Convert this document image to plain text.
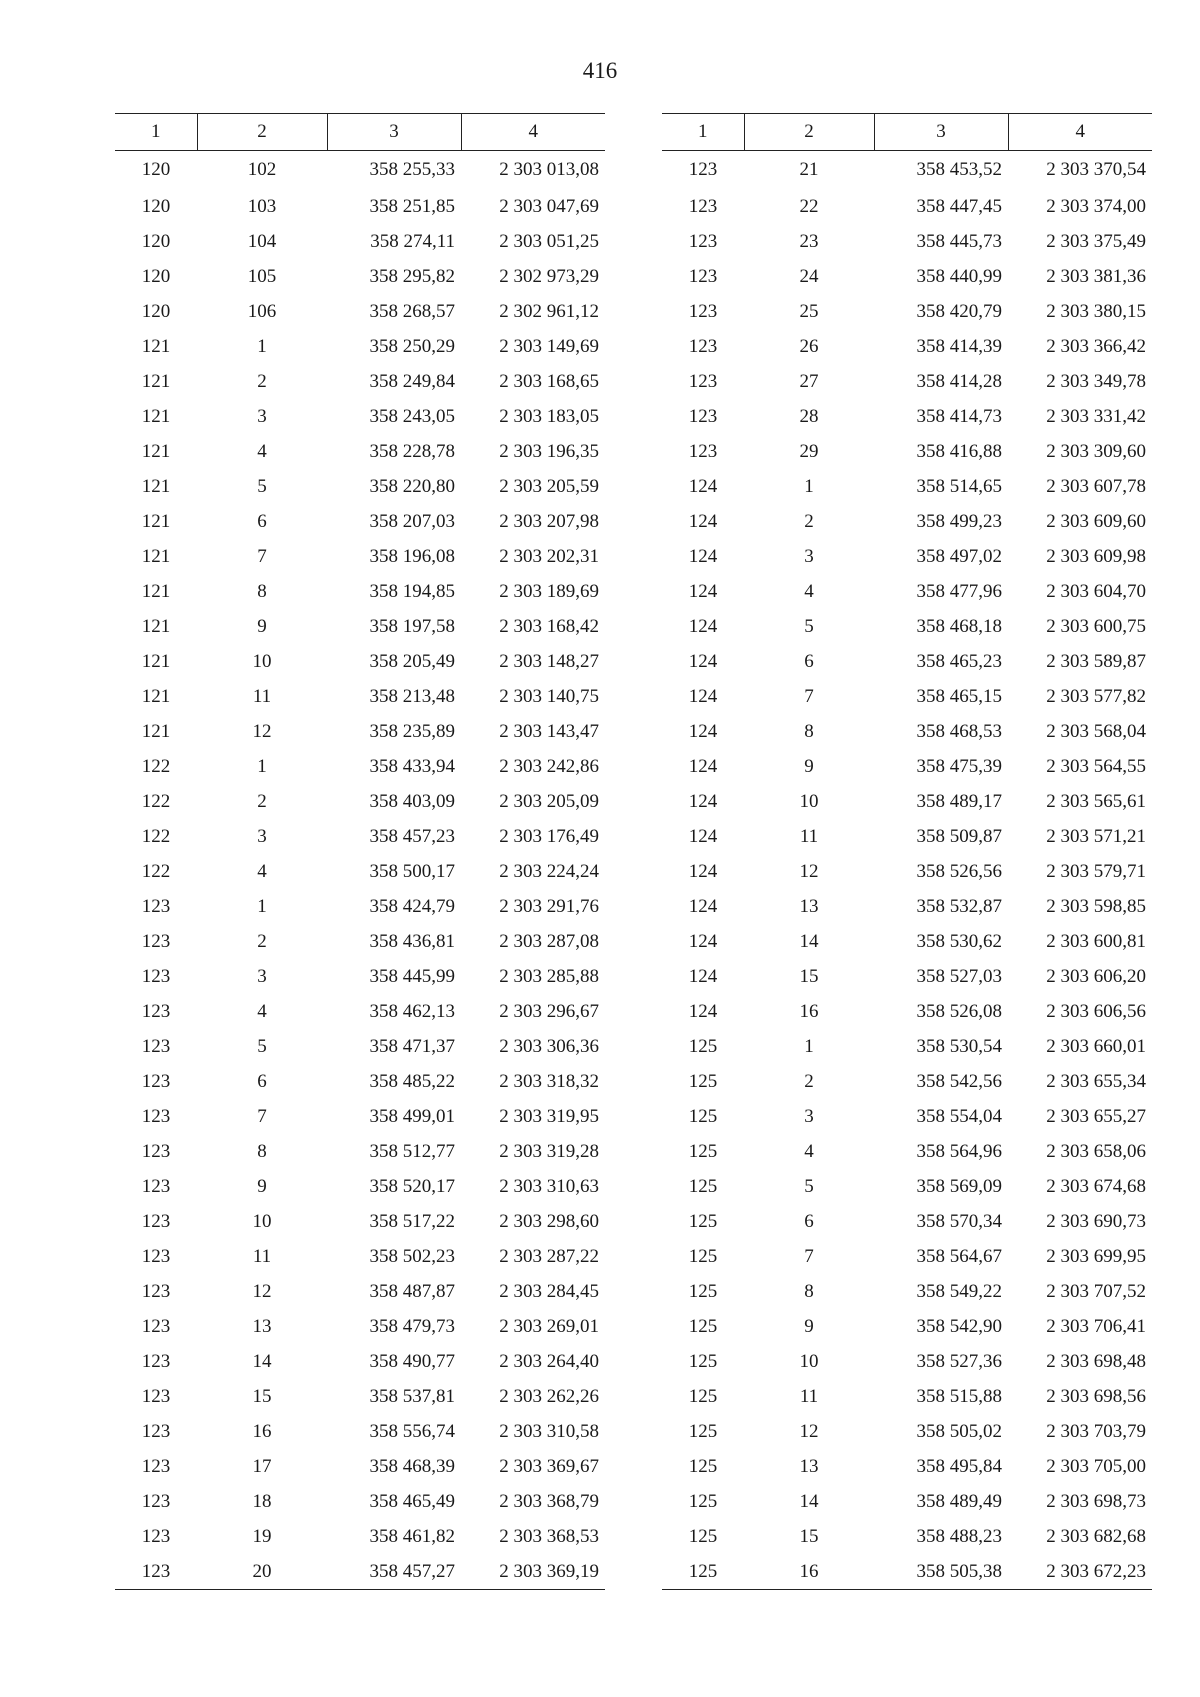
416
1	2	3	4
120	102	358 255,33	2 303 013,08
120	103	358 251,85	2 303 047,69
120	104	358 274,11	2 303 051,25
120	105	358 295,82	2 302 973,29
120	106	358 268,57	2 302 961,12
121	1	358 250,29	2 303 149,69
121	2	358 249,84	2 303 168,65
121	3	358 243,05	2 303 183,05
121	4	358 228,78	2 303 196,35
121	5	358 220,80	2 303 205,59
121	6	358 207,03	2 303 207,98
121	7	358 196,08	2 303 202,31
121	8	358 194,85	2 303 189,69
121	9	358 197,58	2 303 168,42
121	10	358 205,49	2 303 148,27
121	11	358 213,48	2 303 140,75
121	12	358 235,89	2 303 143,47
122	1	358 433,94	2 303 242,86
122	2	358 403,09	2 303 205,09
122	3	358 457,23	2 303 176,49
122	4	358 500,17	2 303 224,24
123	1	358 424,79	2 303 291,76
123	2	358 436,81	2 303 287,08
123	3	358 445,99	2 303 285,88
123	4	358 462,13	2 303 296,67
123	5	358 471,37	2 303 306,36
123	6	358 485,22	2 303 318,32
123	7	358 499,01	2 303 319,95
123	8	358 512,77	2 303 319,28
123	9	358 520,17	2 303 310,63
123	10	358 517,22	2 303 298,60
123	11	358 502,23	2 303 287,22
123	12	358 487,87	2 303 284,45
123	13	358 479,73	2 303 269,01
123	14	358 490,77	2 303 264,40
123	15	358 537,81	2 303 262,26
123	16	358 556,74	2 303 310,58
123	17	358 468,39	2 303 369,67
123	18	358 465,49	2 303 368,79
123	19	358 461,82	2 303 368,53
123	20	358 457,27	2 303 369,19
1	2	3	4
123	21	358 453,52	2 303 370,54
123	22	358 447,45	2 303 374,00
123	23	358 445,73	2 303 375,49
123	24	358 440,99	2 303 381,36
123	25	358 420,79	2 303 380,15
123	26	358 414,39	2 303 366,42
123	27	358 414,28	2 303 349,78
123	28	358 414,73	2 303 331,42
123	29	358 416,88	2 303 309,60
124	1	358 514,65	2 303 607,78
124	2	358 499,23	2 303 609,60
124	3	358 497,02	2 303 609,98
124	4	358 477,96	2 303 604,70
124	5	358 468,18	2 303 600,75
124	6	358 465,23	2 303 589,87
124	7	358 465,15	2 303 577,82
124	8	358 468,53	2 303 568,04
124	9	358 475,39	2 303 564,55
124	10	358 489,17	2 303 565,61
124	11	358 509,87	2 303 571,21
124	12	358 526,56	2 303 579,71
124	13	358 532,87	2 303 598,85
124	14	358 530,62	2 303 600,81
124	15	358 527,03	2 303 606,20
124	16	358 526,08	2 303 606,56
125	1	358 530,54	2 303 660,01
125	2	358 542,56	2 303 655,34
125	3	358 554,04	2 303 655,27
125	4	358 564,96	2 303 658,06
125	5	358 569,09	2 303 674,68
125	6	358 570,34	2 303 690,73
125	7	358 564,67	2 303 699,95
125	8	358 549,22	2 303 707,52
125	9	358 542,90	2 303 706,41
125	10	358 527,36	2 303 698,48
125	11	358 515,88	2 303 698,56
125	12	358 505,02	2 303 703,79
125	13	358 495,84	2 303 705,00
125	14	358 489,49	2 303 698,73
125	15	358 488,23	2 303 682,68
125	16	358 505,38	2 303 672,23
